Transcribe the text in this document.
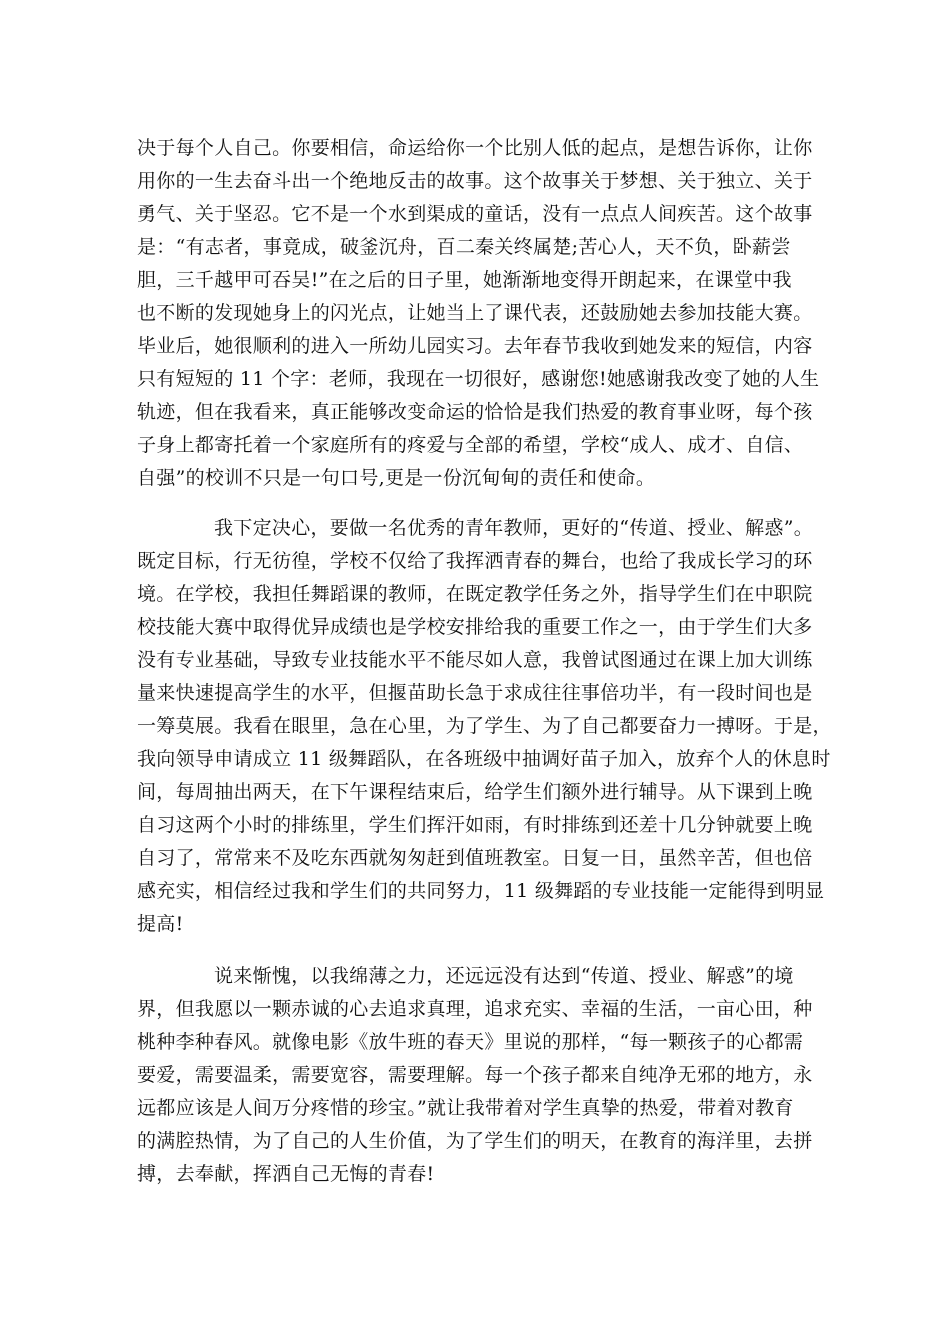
决于每个人自己。你要相信，命运给你一个比别人低的起点，是想告诉你，让你
用你的一生去奋斗出一个绝地反击的故事。这个故事关于梦想、关于独立、关于
勇气、关于坚忍。它不是一个水到渠成的童话，没有一点点人间疾苦。这个故事
是：“有志者，事竟成，破釜沉舟，百二秦关终属楚;苦心人，天不负，卧薪尝
胆，三千越甲可吞吴!”在之后的日子里，她渐渐地变得开朗起来，在课堂中我
也不断的发现她身上的闪光点，让她当上了课代表，还鼓励她去参加技能大赛。
毕业后，她很顺利的进入一所幼儿园实习。去年春节我收到她发来的短信，内容
只有短短的 11 个字：老师，我现在一切很好，感谢您!她感谢我改变了她的人生
轨迹，但在我看来，真正能够改变命运的恰恰是我们热爱的教育事业呀，每个孩
子身上都寄托着一个家庭所有的疼爱与全部的希望，学校“成人、成才、自信、
自强”的校训不只是一句口号,更是一份沉甸甸的责任和使命。
我下定决心，要做一名优秀的青年教师，更好的“传道、授业、解惑”。
既定目标，行无彷徨，学校不仅给了我挥洒青春的舞台，也给了我成长学习的环
境。在学校，我担任舞蹈课的教师，在既定教学任务之外，指导学生们在中职院
校技能大赛中取得优异成绩也是学校安排给我的重要工作之一，由于学生们大多
没有专业基础，导致专业技能水平不能尽如人意，我曾试图通过在课上加大训练
量来快速提高学生的水平，但揠苗助长急于求成往往事倍功半，有一段时间也是
一筹莫展。我看在眼里，急在心里，为了学生、为了自己都要奋力一搏呀。于是，
我向领导申请成立 11 级舞蹈队，在各班级中抽调好苗子加入，放弃个人的休息时
间，每周抽出两天，在下午课程结束后，给学生们额外进行辅导。从下课到上晚
自习这两个小时的排练里，学生们挥汗如雨，有时排练到还差十几分钟就要上晚
自习了，常常来不及吃东西就匆匆赶到值班教室。日复一日，虽然辛苦，但也倍
感充实，相信经过我和学生们的共同努力，11 级舞蹈的专业技能一定能得到明显
提高!
说来惭愧，以我绵薄之力，还远远没有达到“传道、授业、解惑”的境
界，但我愿以一颗赤诚的心去追求真理，追求充实、幸福的生活，一亩心田，种
桃种李种春风。就像电影《放牛班的春天》里说的那样，“每一颗孩子的心都需
要爱，需要温柔，需要宽容，需要理解。每一个孩子都来自纯净无邪的地方，永
远都应该是人间万分疼惜的珍宝。”就让我带着对学生真挚的热爱，带着对教育
的满腔热情，为了自己的人生价值，为了学生们的明天，在教育的海洋里，去拼
搏，去奉献，挥洒自己无悔的青春!
